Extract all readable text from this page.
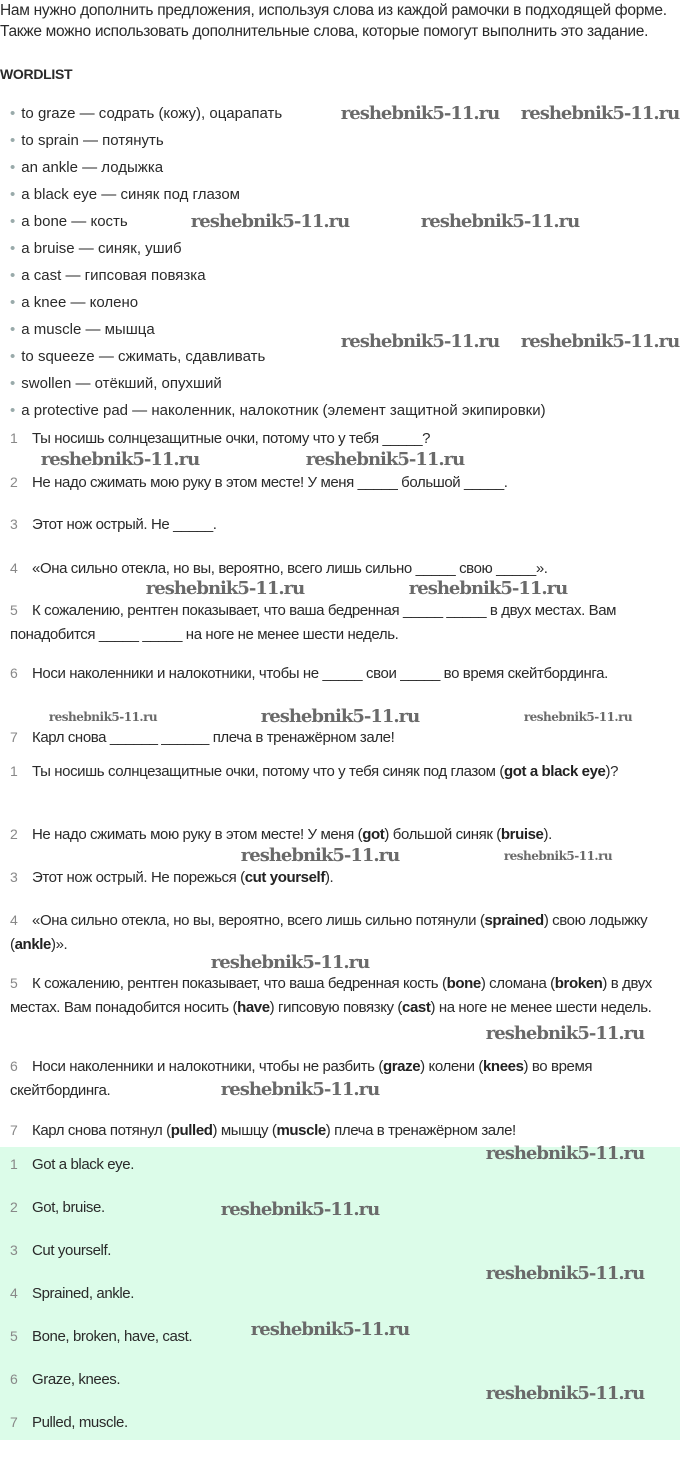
Нам нужно дополнить предложения, используя слова из каждой рамочки в подходящей форме. Также можно использовать дополнительные слова, которые помогут выполнить это задание.
WORDLIST
• to graze — содрать (кожу), оцарапать
• to sprain — потянуть
• an ankle — лодыжка
• a black eye — синяк под глазом
• a bone — кость
• a bruise — синяк, ушиб
• a cast — гипсовая повязка
• a knee — колено
• a muscle — мышца
• to squeeze — сжимать, сдавливать
• swollen — отёкший, опухший
• a protective pad — наколенник, налокотник (элемент защитной экипировки)
1 Ты носишь солнцезащитные очки, потому что у тебя _____?
2 Не надо сжимать мою руку в этом месте! У меня _____ большой _____.
3 Этот нож острый. Не _____.
4 «Она сильно отекла, но вы, вероятно, всего лишь сильно _____ свою _____».
5 К сожалению, рентген показывает, что ваша бедренная _____ _____ в двух местах. Вам понадобится _____ _____ на ноге не менее шести недель.
6 Носи наколенники и налокотники, чтобы не _____ свои _____ во время скейтбординга.
7 Карл снова ______ ______ плеча в тренажёрном зале!
1 Ты носишь солнцезащитные очки, потому что у тебя синяк под глазом (got a black eye)?
2 Не надо сжимать мою руку в этом месте! У меня (got) большой синяк (bruise).
3 Этот нож острый. Не порежься (cut yourself).
4 «Она сильно отекла, но вы, вероятно, всего лишь сильно потянули (sprained) свою лодыжку (ankle)».
5 К сожалению, рентген показывает, что ваша бедренная кость (bone) сломана (broken) в двух местах. Вам понадобится носить (have) гипсовую повязку (cast) на ноге не менее шести недель.
6 Носи наколенники и налокотники, чтобы не разбить (graze) колени (knees) во время скейтбординга.
7 Карл снова потянул (pulled) мышцу (muscle) плеча в тренажёрном зале!
1 Got a black eye.
2 Got, bruise.
3 Cut yourself.
4 Sprained, ankle.
5 Bone, broken, have, cast.
6 Graze, knees.
7 Pulled, muscle.
reshebnik5-11.ru reshebnik5-11.ru
reshebnik5-11.ru	reshebnik5-11.ru
reshebnik5-11.ru reshebnik5-11.ru
reshebnik5-11.ru	reshebnik5-11.ru
reshebnik5-11.ru	reshebnik5-11.ru
reshebnik5-11.ru	reshebnik5-11.ru	reshebnik5-11.ru
reshebnik5-11.ru	reshebnik5-11.ru
reshebnik5-11.ru
reshebnik5-11.ru
reshebnik5-11.ru
reshebnik5-11.ru
reshebnik5-11.ru
reshebnik5-11.ru
reshebnik5-11.ru
reshebnik5-11.ru
